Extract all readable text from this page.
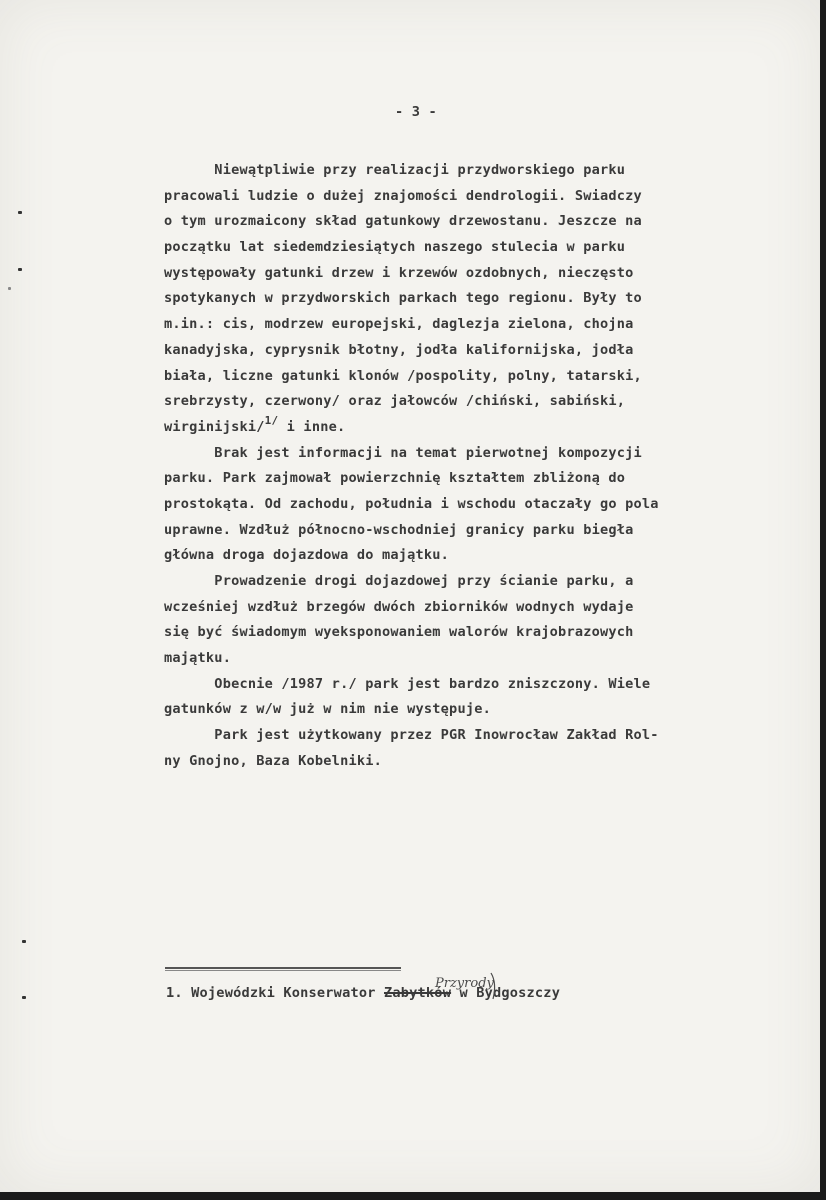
- 3 -
Niewątpliwie przy realizacji przydworskiego parku
pracowali ludzie o dużej znajomości dendrologii. Swiadczy
o tym urozmaicony skład gatunkowy drzewostanu. Jeszcze na
początku lat siedemdziesiątych naszego stulecia w parku
występowały gatunki drzew i krzewów ozdobnych, nieczęsto
spotykanych w przydworskich parkach tego regionu. Były to
m.in.: cis, modrzew europejski, daglezja zielona, chojna
kanadyjska, cyprysnik błotny, jodła kalifornijska, jodła
biała, liczne gatunki klonów /pospolity, polny, tatarski,
srebrzysty, czerwony/ oraz jałowców /chiński, sabiński,
wirginijski/$^{1/}$ i inne.
Brak jest informacji na temat pierwotnej kompozycji
parku. Park zajmował powierzchnię kształtem zbliżoną do
prostokąta. Od zachodu, południa i wschodu otaczały go pola
uprawne. Wzdłuż północno-wschodniej granicy parku biegła
główna droga dojazdowa do majątku.
Prowadzenie drogi dojazdowej przy ścianie parku, a
wcześniej wzdłuż brzegów dwóch zbiorników wodnych wydaje
się być świadomym wyeksponowaniem walorów krajobrazowych
majątku.
Obecnie /1987 r./ park jest bardzo zniszczony. Wiele
gatunków z w/w już w nim nie występuje.
Park jest użytkowany przez PGR Inowrocław Zakład Rol-
ny Gnojno, Baza Kobelniki.
1. Wojewódzki Konserwator Zabytków w Bydgoszczy
Przyrody
